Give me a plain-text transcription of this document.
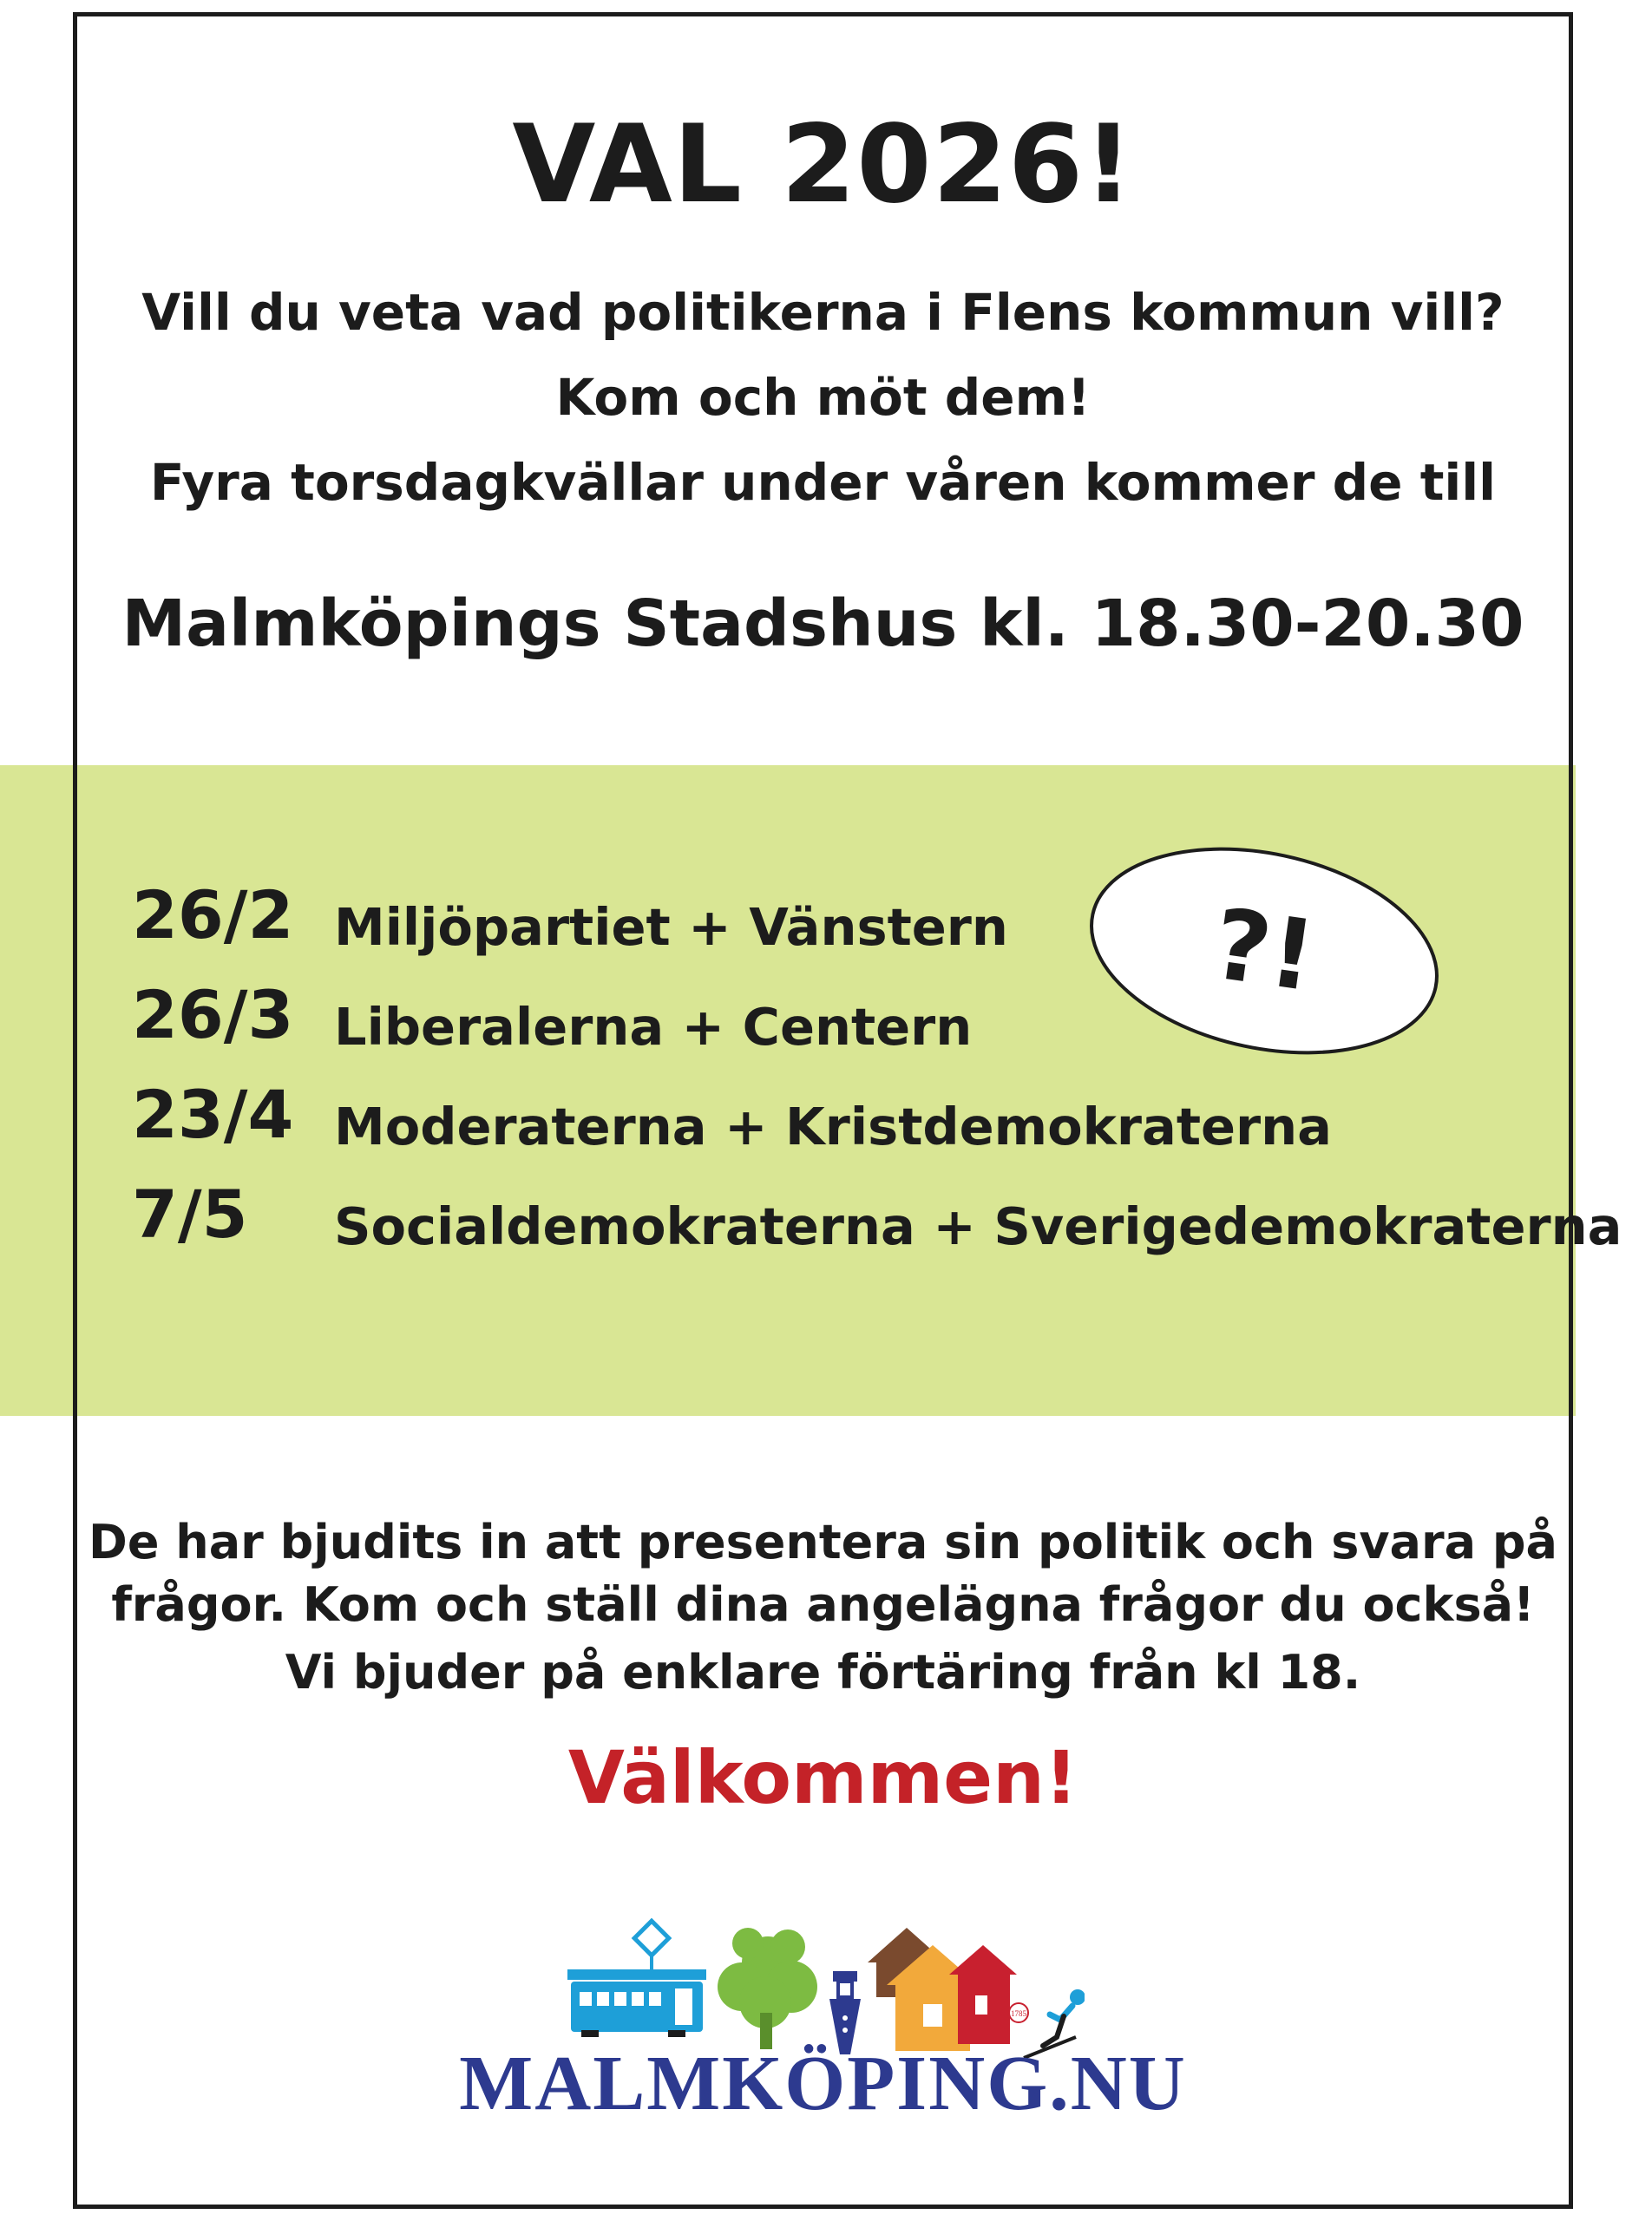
VAL 2026!
Vill du veta vad politikerna i Flens kommun vill?
Kom och möt dem!
Fyra torsdagkvällar under våren kommer de till
Malmköpings Stadshus kl. 18.30-20.30
?!
26/2 Miljöpartiet + Vänstern
26/3 Liberalerna + Centern
23/4 Moderaterna + Kristdemokraterna
7/5 Socialdemokraterna + Sverigedemokraterna
De har bjudits in att presentera sin politik och svara på
frågor. Kom och ställ dina angelägna frågor du också!
Vi bjuder på enklare förtäring från kl 18.
Välkommen!
1785
MALMKÖPING.NU
